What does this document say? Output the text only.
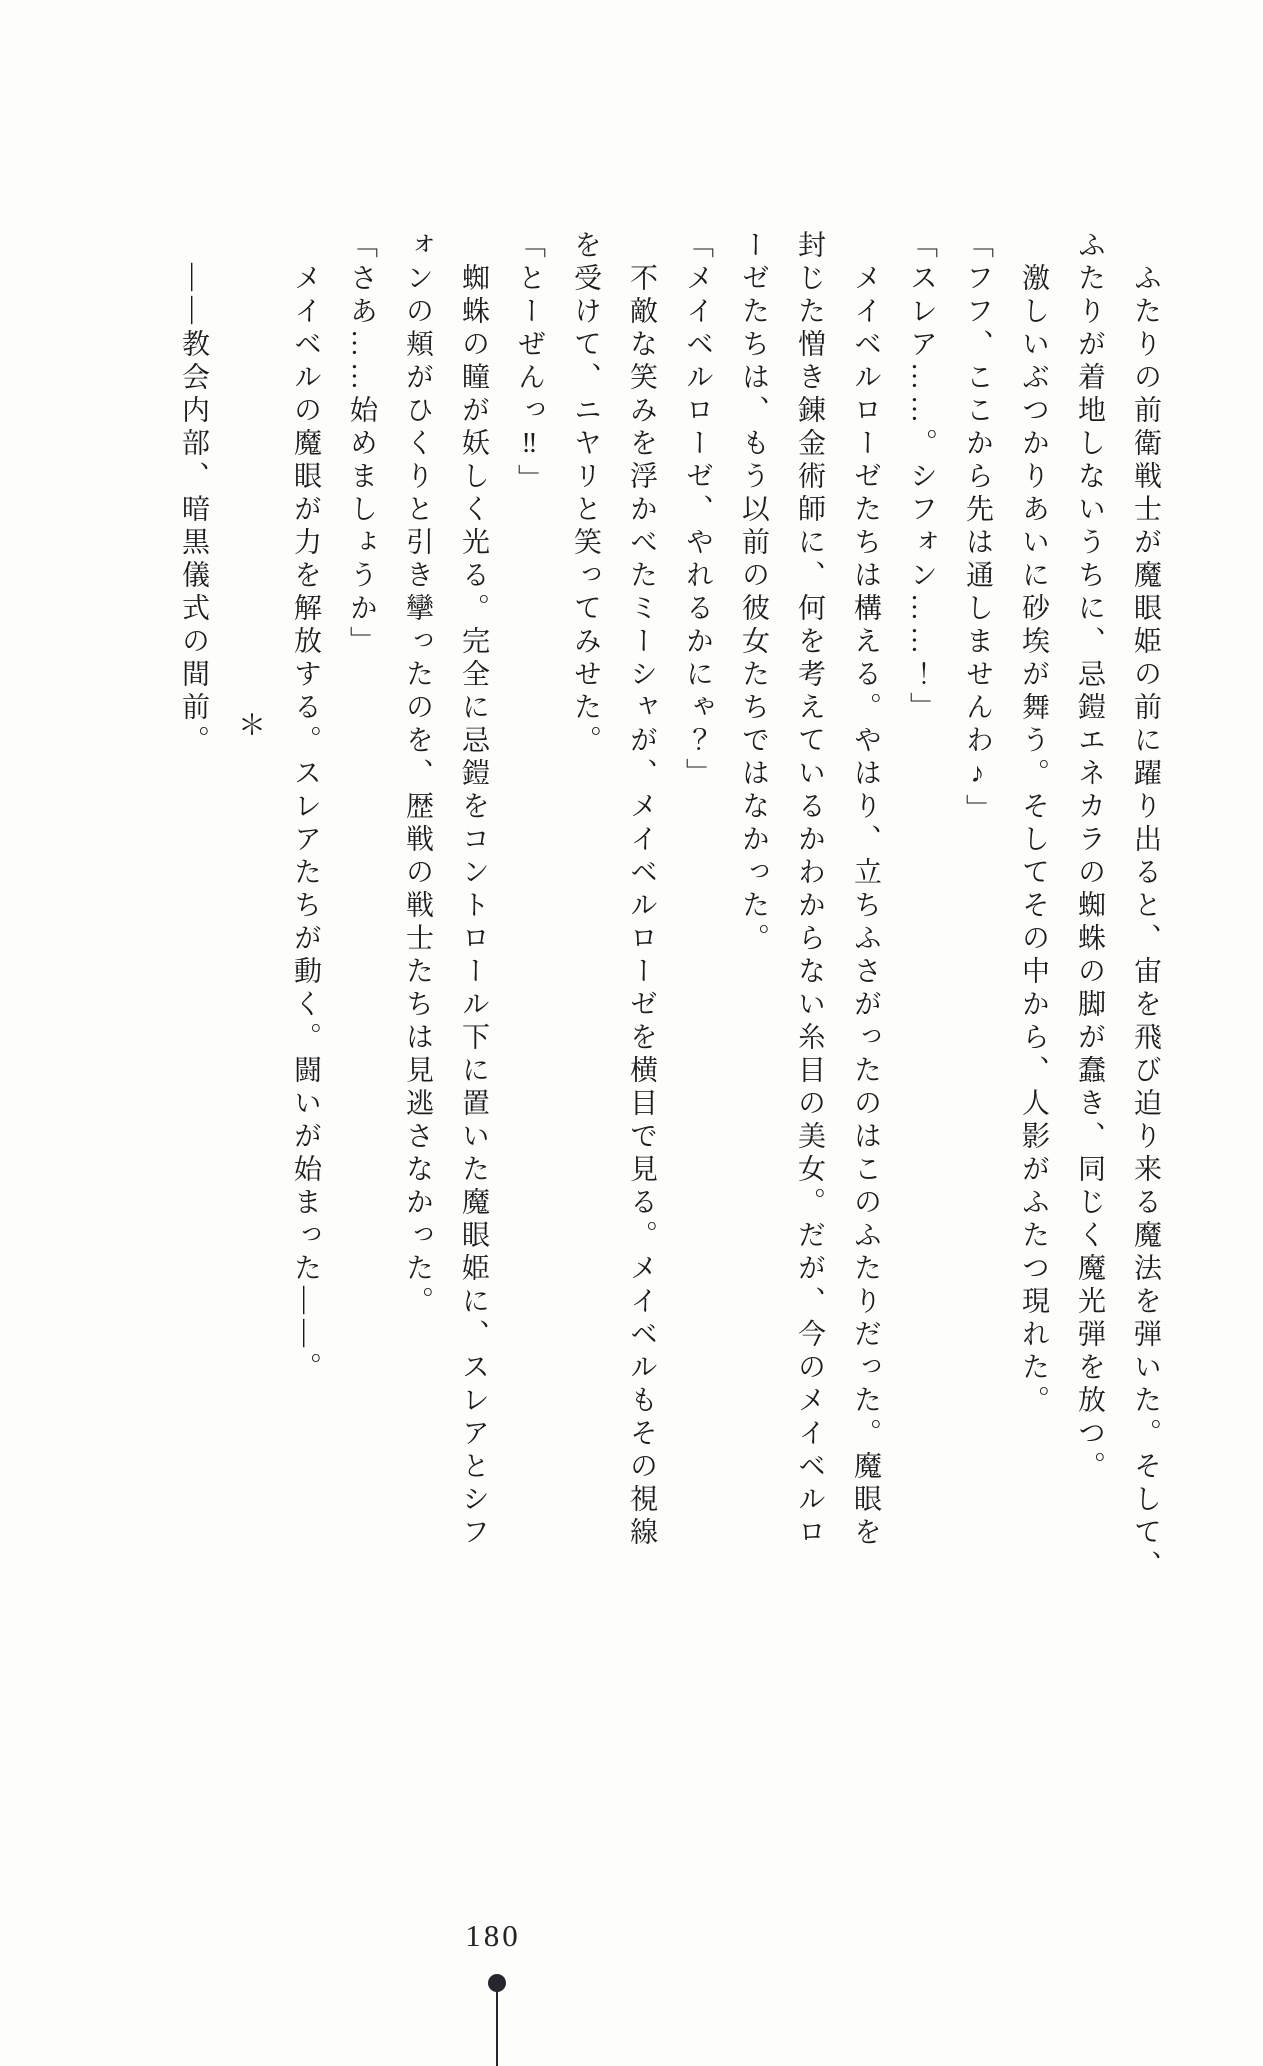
　ふたりの前衛戦士が魔眼姫の前に躍り出ると、宙を飛び迫り来る魔法を弾いた。そして、

ふたりが着地しないうちに、忌鎧エネカラの蜘蛛の脚が蠢き、同じく魔光弾を放つ。

　激しいぶつかりあいに砂埃が舞う。そしてその中から、人影がふたつ現れた。

「フフ、ここから先は通しませんわ♪」

「スレア……。シフォン……！」

　メイベルローゼたちは構える。やはり、立ちふさがったのはこのふたりだった。魔眼を

封じた憎き錬金術師に、何を考えているかわからない糸目の美女。だが、今のメイベルロ

ーゼたちは、もう以前の彼女たちではなかった。

「メイベルローゼ、やれるかにゃ？」

　不敵な笑みを浮かべたミーシャが、メイベルローゼを横目で見る。メイベルもその視線

を受けて、ニヤリと笑ってみせた。

「とーぜんっ‼」

　蜘蛛の瞳が妖しく光る。完全に忌鎧をコントロール下に置いた魔眼姫に、スレアとシフ

ォンの頬がひくりと引き攣ったのを、歴戦の戦士たちは見逃さなかった。

「さあ……始めましょうか」

　メイベルの魔眼が力を解放する。スレアたちが動く。闘いが始まった——。

＊

　——教会内部、暗黒儀式の間前。

180
